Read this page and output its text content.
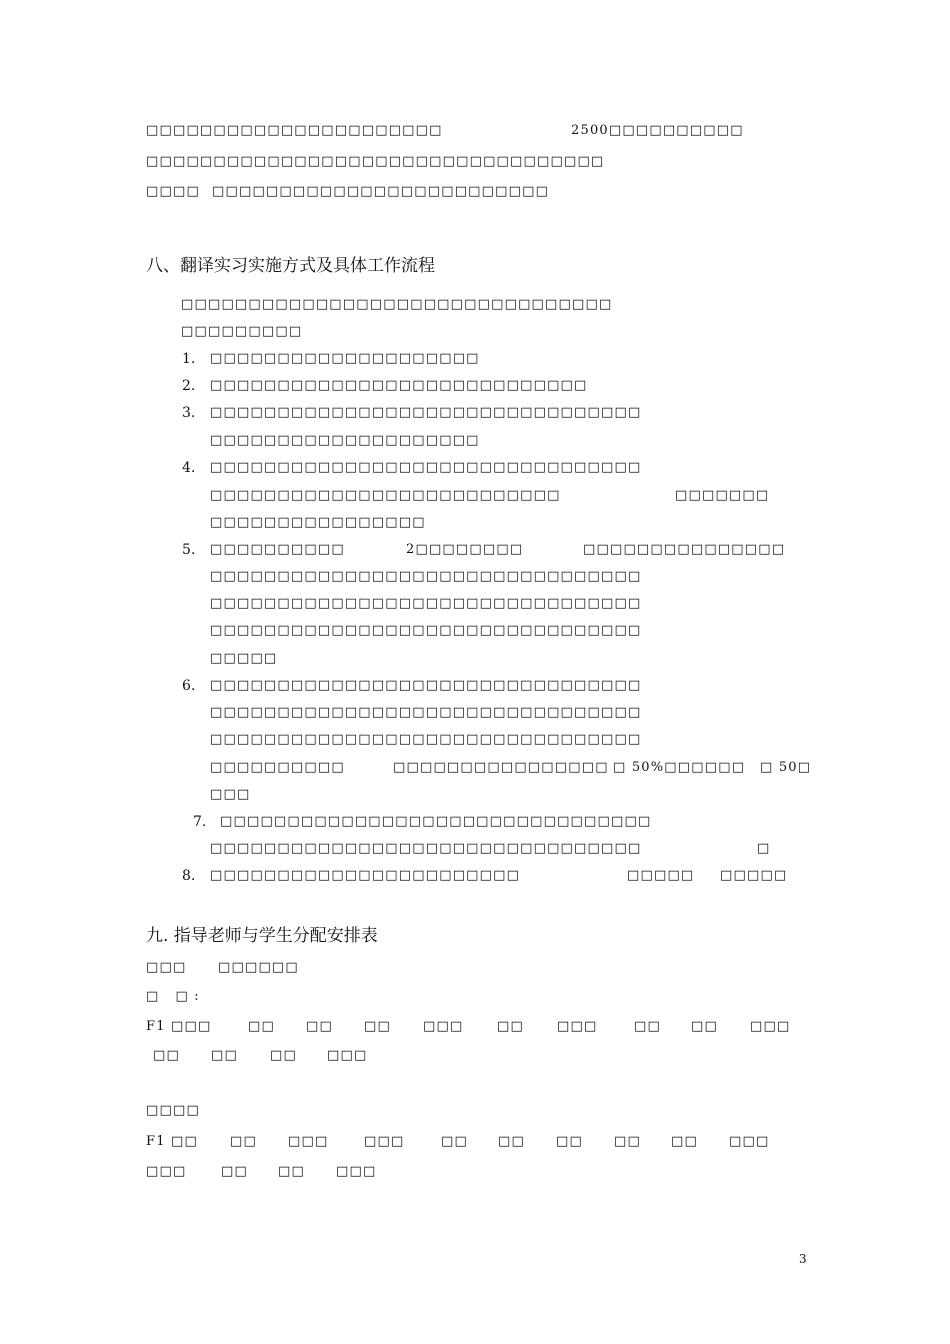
□□□□□□□□□□□□□□□□□□□□□□	2500□□□□□□□□□□
□□□□□□□□□□□□□□□□□□□□□□□□□□□□□□□□□□
□□□□ □□□□□□□□□□□□□□□□□□□□□□□□□
八、翻译实习实施方式及具体工作流程
□□□□□□□□□□□□□□□□□□□□□□□□□□□□□□□□
□□□□□□□□□
1. □□□□□□□□□□□□□□□□□□□□
2. □□□□□□□□□□□□□□□□□□□□□□□□□□□□
3. □□□□□□□□□□□□□□□□□□□□□□□□□□□□□□□□
□□□□□□□□□□□□□□□□□□□□
4. □□□□□□□□□□□□□□□□□□□□□□□□□□□□□□□□
□□□□□□□□□□□□□□□□□□□□□□□□□□	□□□□□□□
□□□□□□□□□□□□□□□□
5. □□□□□□□□□□	2□□□□□□□□	□□□□□□□□□□□□□□□
□□□□□□□□□□□□□□□□□□□□□□□□□□□□□□□□
□□□□□□□□□□□□□□□□□□□□□□□□□□□□□□□□
□□□□□□□□□□□□□□□□□□□□□□□□□□□□□□□□
□□□□□
6. □□□□□□□□□□□□□□□□□□□□□□□□□□□□□□□□
□□□□□□□□□□□□□□□□□□□□□□□□□□□□□□□□
□□□□□□□□□□□□□□□□□□□□□□□□□□□□□□□□
□□□□□□□□□□	□□□□□□□□□□□□□□□□ □ 50%□□□□□□ □ 50□
□□□
7. □□□□□□□□□□□□□□□□□□□□□□□□□□□□□□□□
□□□□□□□□□□□□□□□□□□□□□□□□□□□□□□□□	□
8. □□□□□□□□□□□□□□□□□□□□□□□	□□□□□ □□□□□
九. 指导老师与学生分配安排表
□□□ □□□□□□
□   □ :
F1 □□□	□□ □□ □□ □□□	□□	□□□	□□ □□ □□□
□□ □□ □□ □□□
□□□□
F1 □□ □□ □□□	□□□	□□ □□ □□ □□ □□ □□□
□□□	□□ □□ □□□
3
